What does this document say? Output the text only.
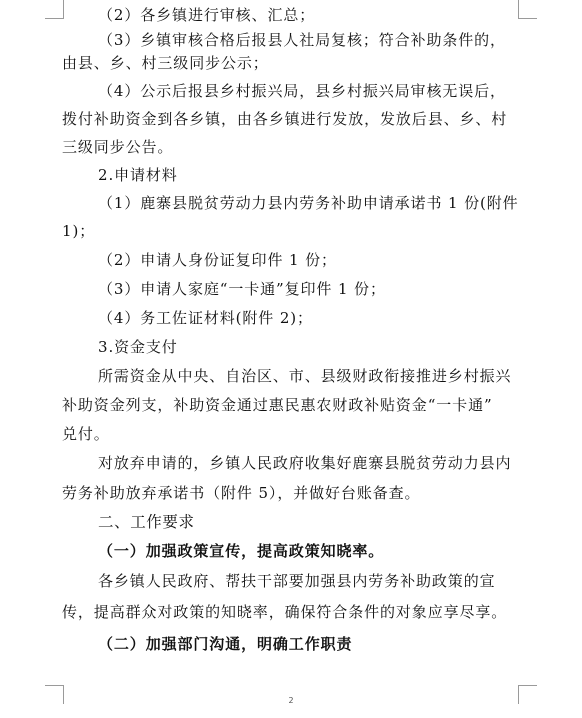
（2）各乡镇进行审核、汇总；
（3）乡镇审核合格后报县人社局复核；符合补助条件的，
由县、乡、村三级同步公示；
（4）公示后报县乡村振兴局，县乡村振兴局审核无误后，
拨付补助资金到各乡镇，由各乡镇进行发放，发放后县、乡、村
三级同步公告。
2.申请材料
（1）鹿寨县脱贫劳动力县内劳务补助申请承诺书 1 份(附件
1)；
（2）申请人身份证复印件 1 份；
（3）申请人家庭“一卡通”复印件 1 份；
（4）务工佐证材料(附件 2)；
3.资金支付
所需资金从中央、自治区、市、县级财政衔接推进乡村振兴
补助资金列支，补助资金通过惠民惠农财政补贴资金“一卡通”
兑付。
对放弃申请的，乡镇人民政府收集好鹿寨县脱贫劳动力县内
劳务补助放弃承诺书（附件 5），并做好台账备查。
二、工作要求
（一）加强政策宣传，提高政策知晓率。
各乡镇人民政府、帮扶干部要加强县内劳务补助政策的宣
传，提高群众对政策的知晓率，确保符合条件的对象应享尽享。
（二）加强部门沟通，明确工作职责
2
